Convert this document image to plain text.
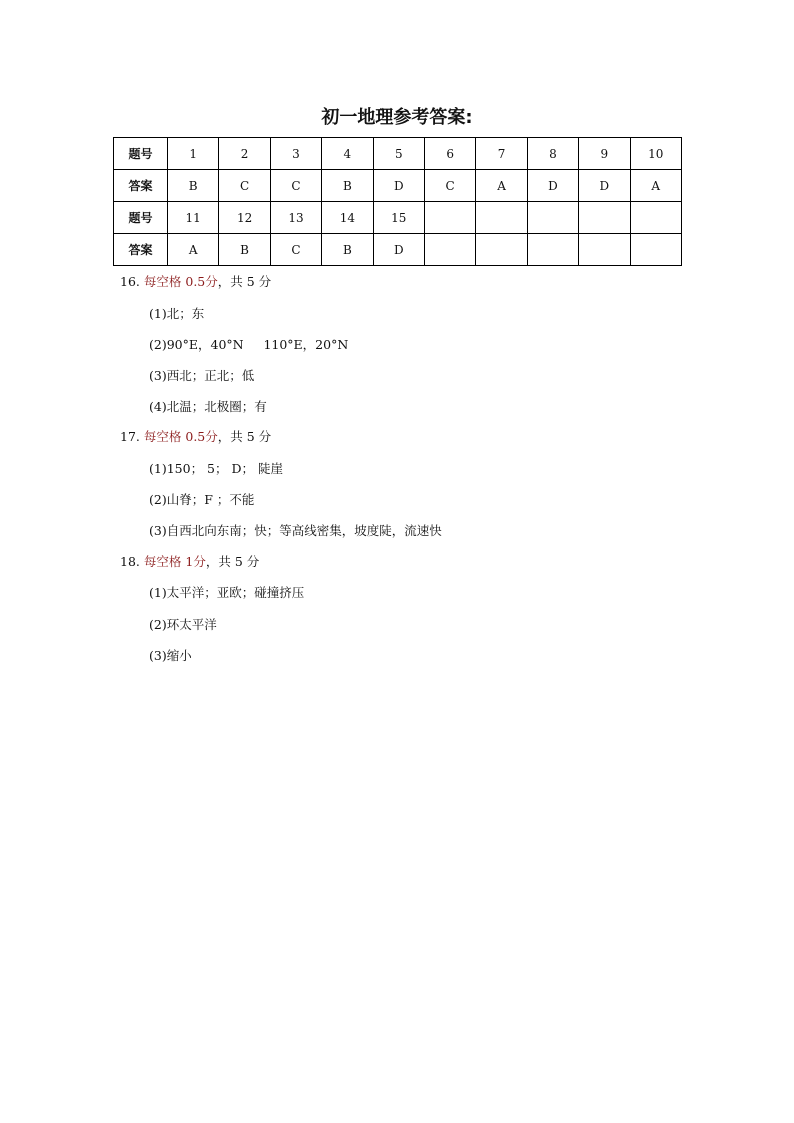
初一地理参考答案:
题号	1	2	3	4	5	6	7	8	9	10
答案	B	C	C	B	D	C	A	D	D	A
题号	11	12	13	14	15					
答案	A	B	C	B	D					
16. 每空格 0.5分，共 5 分
(1)北；东
(2)90°E，40°N     110°E，20°N
(3)西北；正北；低
(4)北温；北极圈；有
17. 每空格 0.5分，共 5 分
(1)150； 5； D； 陡崖
(2)山脊；F ；不能
(3)自西北向东南；快；等高线密集，坡度陡，流速快
18. 每空格 1分，共 5 分
(1)太平洋；亚欧；碰撞挤压
(2)环太平洋
(3)缩小
